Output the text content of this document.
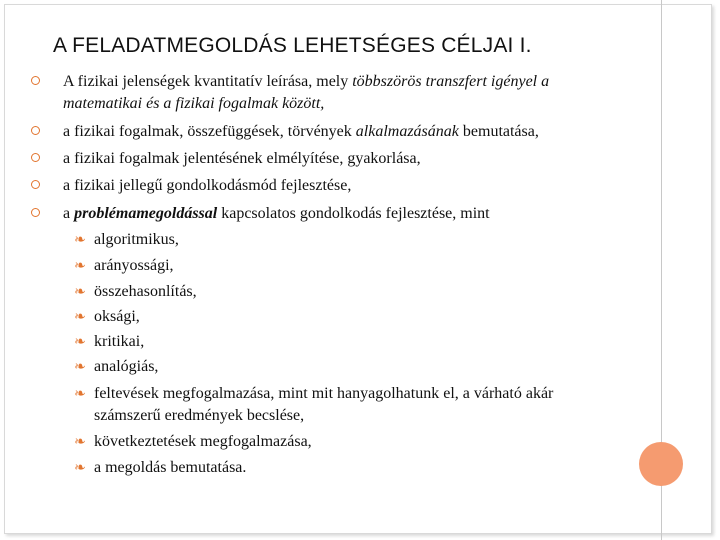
A FELADATMEGOLDÁS LEHETSÉGES CÉLJAI I.
A fizikai jelenségek kvantitatív leírása, mely többszörös transzfert igényel a
matematikai és a fizikai fogalmak között,
a fizikai fogalmak, összefüggések, törvények alkalmazásának bemutatása,
a fizikai fogalmak jelentésének elmélyítése, gyakorlása,
a fizikai jellegű gondolkodásmód fejlesztése,
a problémamegoldással kapcsolatos gondolkodás fejlesztése, mint
❧ algoritmikus,
❧ arányossági,
❧ összehasonlítás,
❧ oksági,
❧ kritikai,
❧ analógiás,
❧ feltevések megfogalmazása, mint mit hanyagolhatunk el, a várható akár
számszerű eredmények becslése,
❧ következtetések megfogalmazása,
❧ a megoldás bemutatása.
